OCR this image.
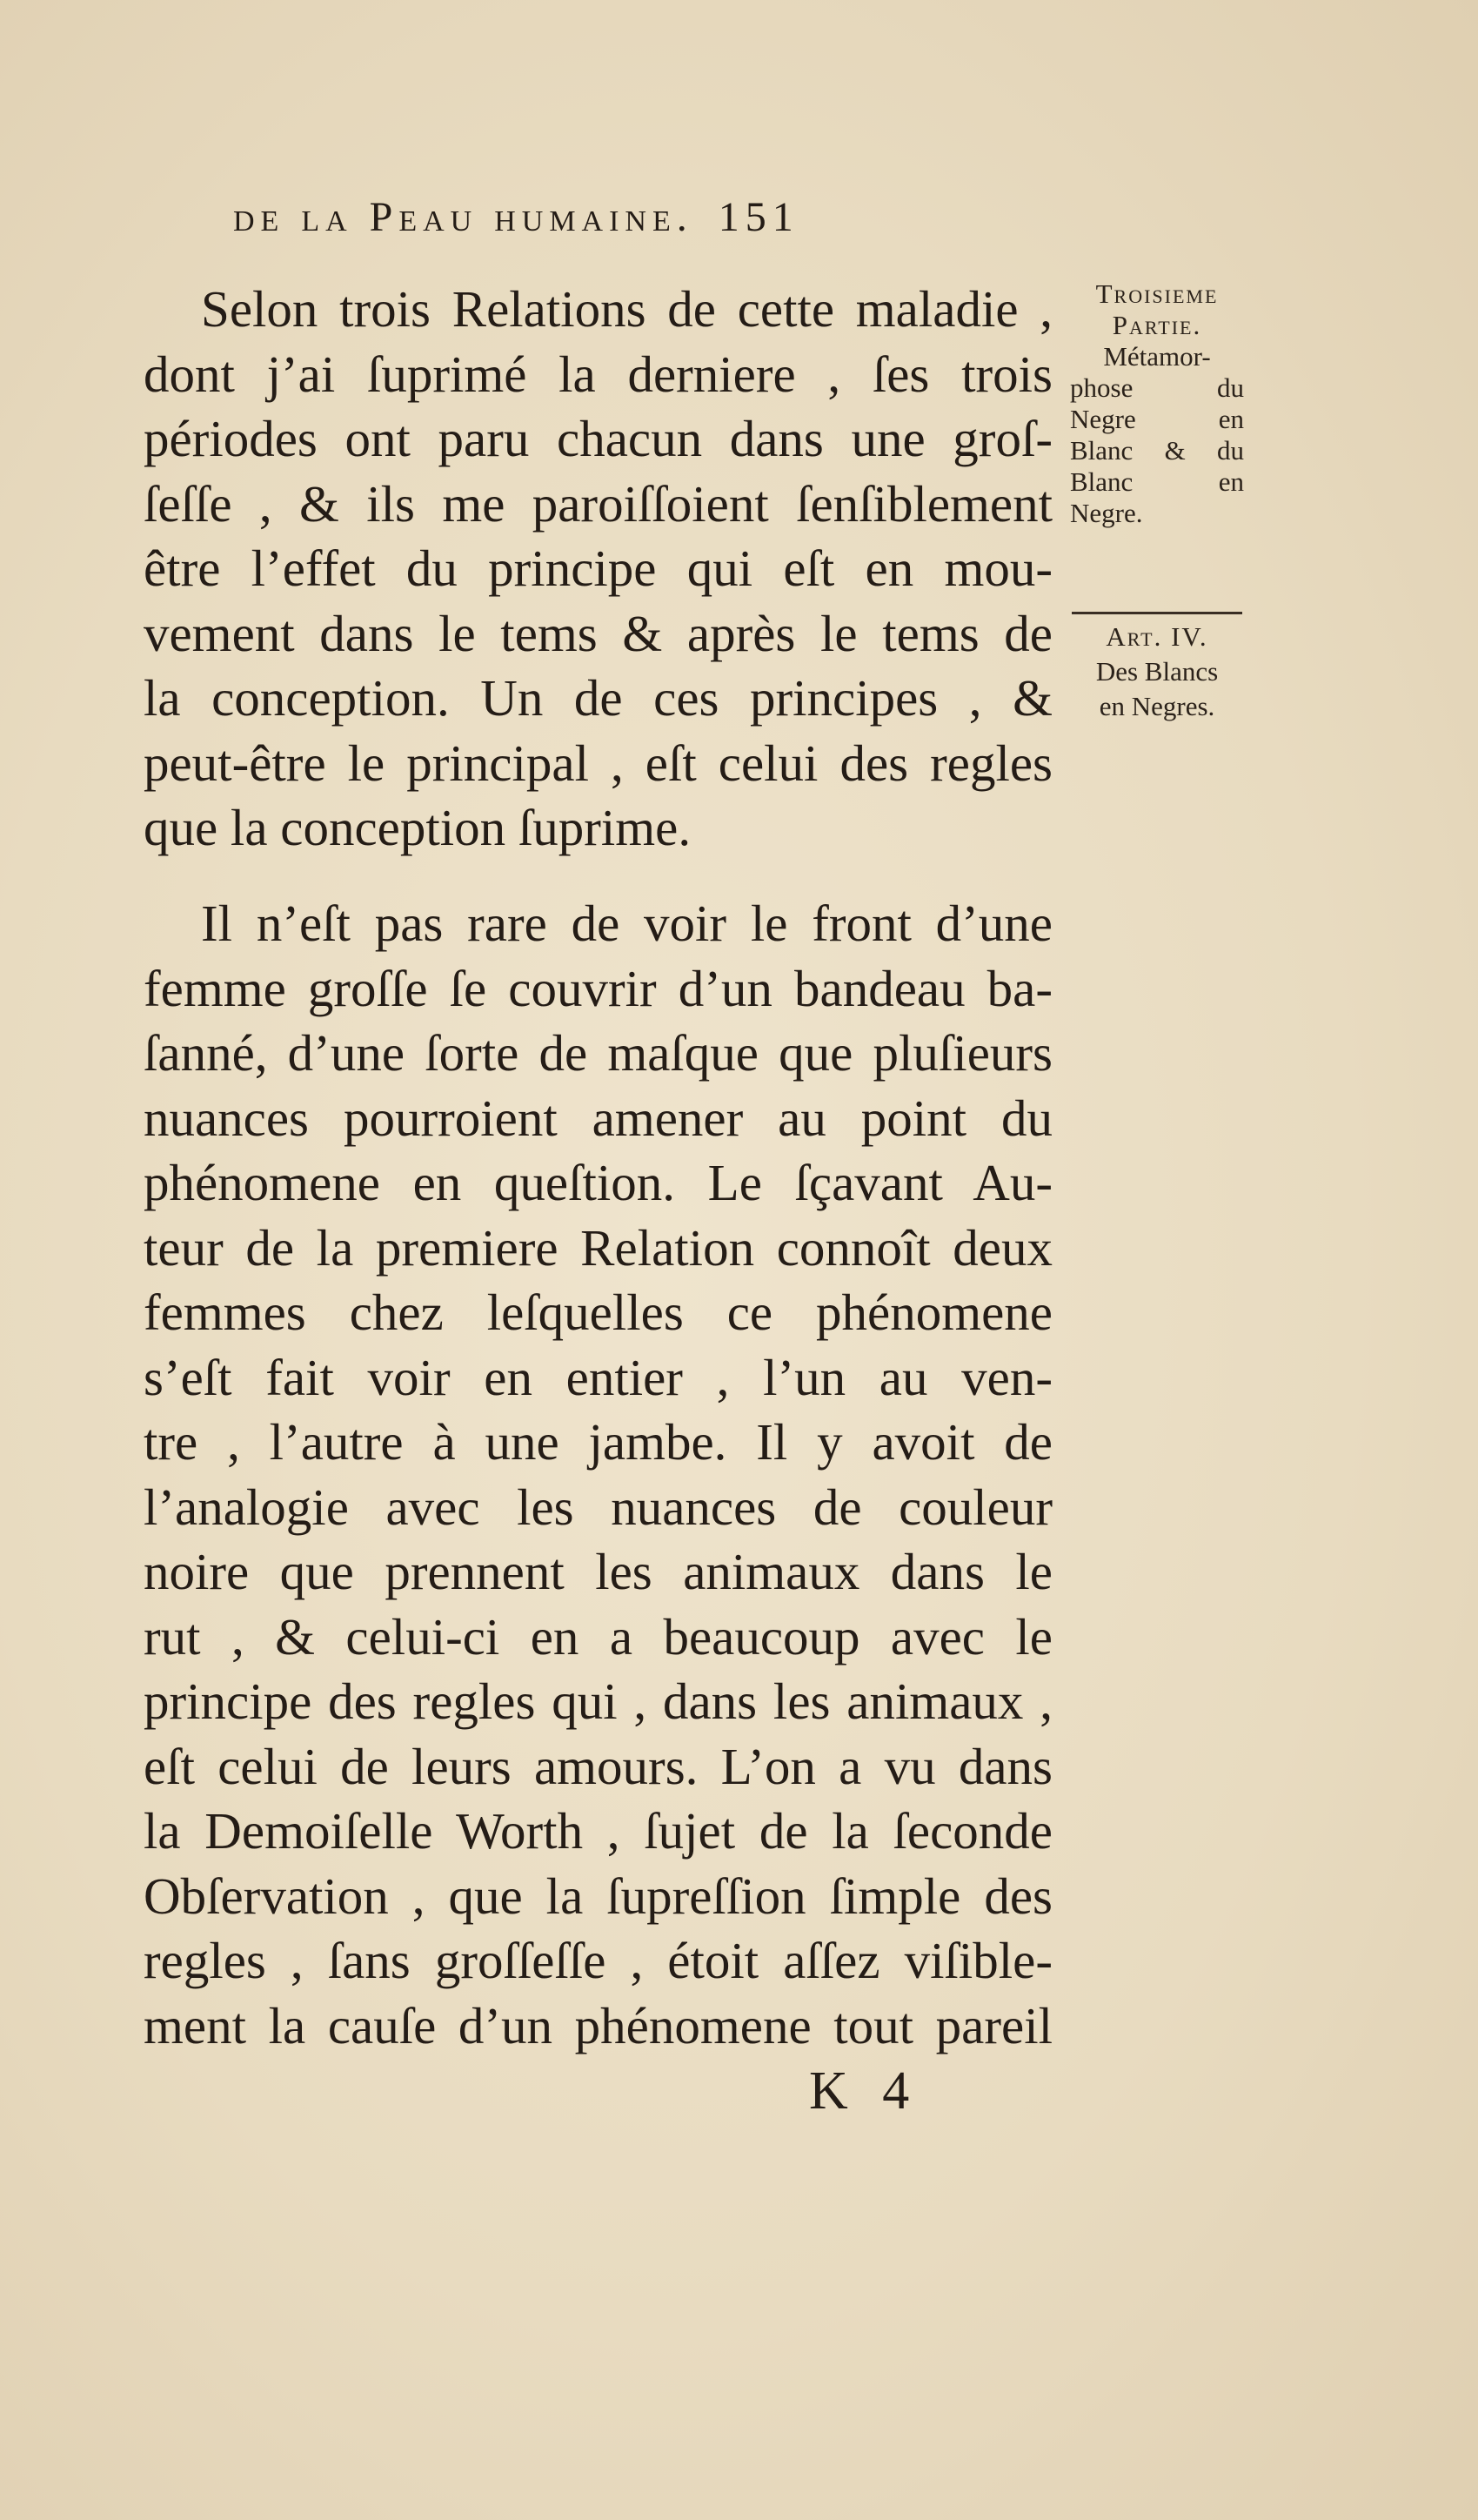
de la Peau humaine. 151
Selon trois Relations de cette maladie ,
dont j’ai ſuprimé la derniere , ſes trois
périodes ont paru chacun dans une groſ-
ſeſſe , & ils me paroiſſoient ſenſiblement
être l’effet du principe qui eſt en mou-
vement dans le tems & après le tems de
la conception. Un de ces principes , &
peut-être le principal , eſt celui des regles
que la conception ſuprime.
Il n’eſt pas rare de voir le front d’une
femme groſſe ſe couvrir d’un bandeau ba-
ſanné, d’une ſorte de maſque que pluſieurs
nuances pourroient amener au point du
phénomene en queſtion. Le ſçavant Au-
teur de la premiere Relation connoît deux
femmes chez leſquelles ce phénomene
s’eſt fait voir en entier , l’un au ven-
tre , l’autre à une jambe. Il y avoit de
l’analogie avec les nuances de couleur
noire que prennent les animaux dans le
rut , & celui-ci en a beaucoup avec le
principe des regles qui , dans les animaux ,
eſt celui de leurs amours. L’on a vu dans
la Demoiſelle Worth , ſujet de la ſeconde
Obſervation , que la ſupreſſion ſimple des
regles , ſans groſſeſſe , étoit aſſez viſible-
ment la cauſe d’un phénomene tout pareil
Troisieme
Partie.
Métamor-
phose du
Negre en
Blanc & du
Blanc en
Negre.
Art. IV.
Des Blancs
en Negres.
K 4
